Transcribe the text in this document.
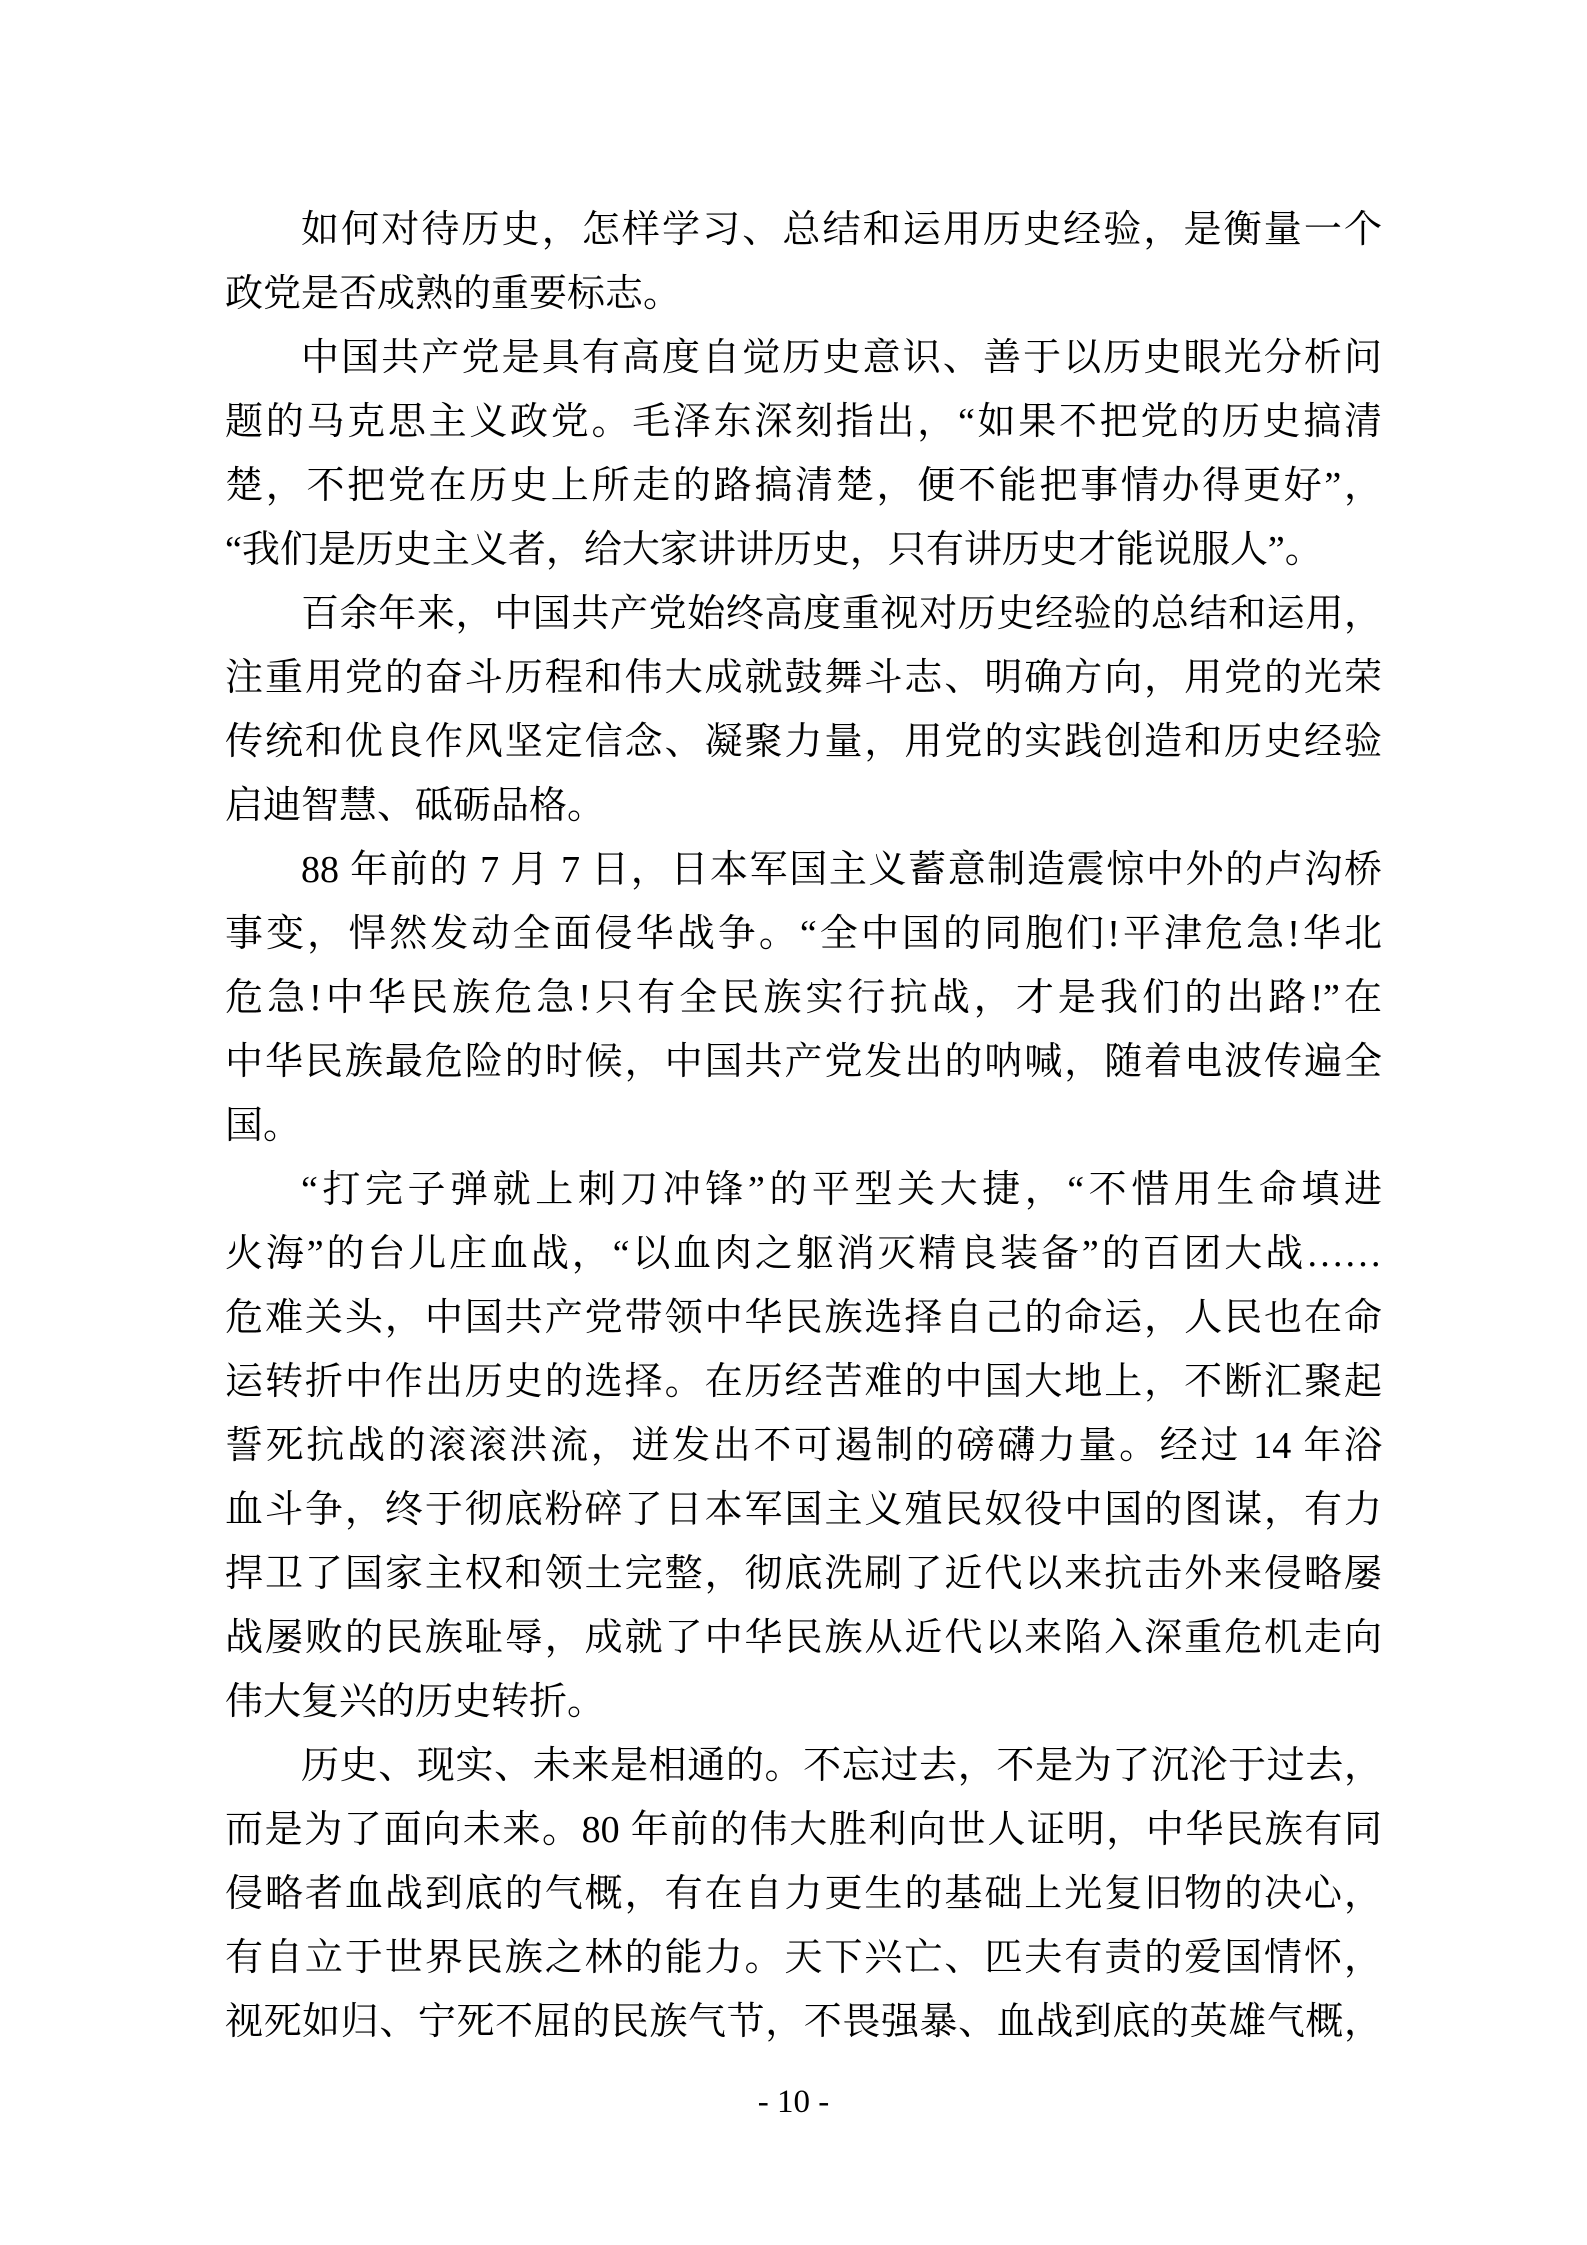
如何对待历史，怎样学习、总结和运用历史经验，是衡量一个
政党是否成熟的重要标志。
中国共产党是具有高度自觉历史意识、善于以历史眼光分析问
题的马克思主义政党。毛泽东深刻指出，“如果不把党的历史搞清
楚，不把党在历史上所走的路搞清楚，便不能把事情办得更好”，
“我们是历史主义者，给大家讲讲历史，只有讲历史才能说服人”。
百余年来，中国共产党始终高度重视对历史经验的总结和运用，
注重用党的奋斗历程和伟大成就鼓舞斗志、明确方向，用党的光荣
传统和优良作风坚定信念、凝聚力量，用党的实践创造和历史经验
启迪智慧、砥砺品格。
88 年前的 7 月 7 日，日本军国主义蓄意制造震惊中外的卢沟桥
事变，悍然发动全面侵华战争。“全中国的同胞们!平津危急!华北
危急!中华民族危急!只有全民族实行抗战，才是我们的出路!”在
中华民族最危险的时候，中国共产党发出的呐喊，随着电波传遍全
国。
“打完子弹就上刺刀冲锋”的平型关大捷，“不惜用生命填进
火海”的台儿庄血战，“以血肉之躯消灭精良装备”的百团大战……
危难关头，中国共产党带领中华民族选择自己的命运，人民也在命
运转折中作出历史的选择。在历经苦难的中国大地上，不断汇聚起
誓死抗战的滚滚洪流，迸发出不可遏制的磅礴力量。经过 14 年浴
血斗争，终于彻底粉碎了日本军国主义殖民奴役中国的图谋，有力
捍卫了国家主权和领土完整，彻底洗刷了近代以来抗击外来侵略屡
战屡败的民族耻辱，成就了中华民族从近代以来陷入深重危机走向
伟大复兴的历史转折。
历史、现实、未来是相通的。不忘过去，不是为了沉沦于过去，
而是为了面向未来。80 年前的伟大胜利向世人证明，中华民族有同
侵略者血战到底的气概，有在自力更生的基础上光复旧物的决心，
有自立于世界民族之林的能力。天下兴亡、匹夫有责的爱国情怀，
视死如归、宁死不屈的民族气节，不畏强暴、血战到底的英雄气概，
- 10 -
